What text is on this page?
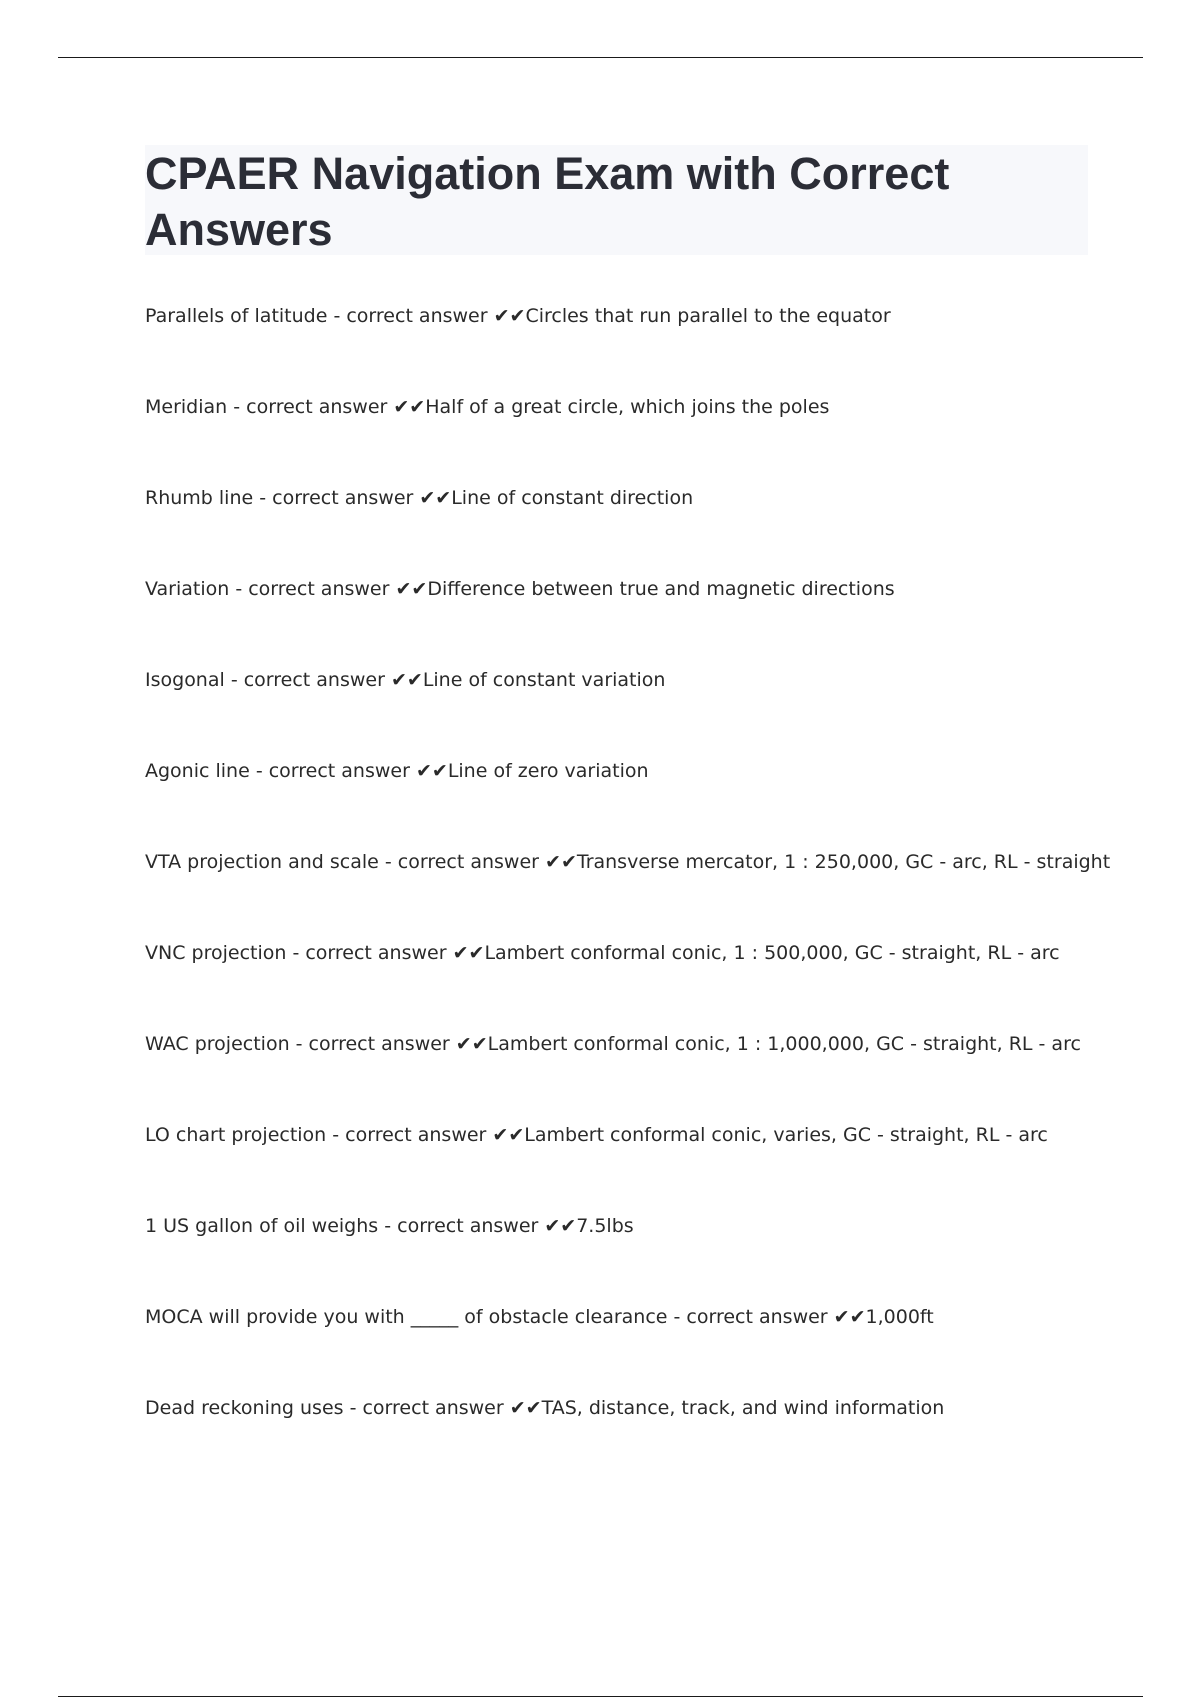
CPAER Navigation Exam with Correct Answers
Parallels of latitude - correct answer ✔✔Circles that run parallel to the equator
Meridian - correct answer ✔✔Half of a great circle, which joins the poles
Rhumb line - correct answer ✔✔Line of constant direction
Variation - correct answer ✔✔Difference between true and magnetic directions
Isogonal - correct answer ✔✔Line of constant variation
Agonic line - correct answer ✔✔Line of zero variation
VTA projection and scale - correct answer ✔✔Transverse mercator, 1 : 250,000, GC - arc, RL - straight
VNC projection - correct answer ✔✔Lambert conformal conic, 1 : 500,000, GC - straight, RL - arc
WAC projection - correct answer ✔✔Lambert conformal conic, 1 : 1,000,000, GC - straight, RL - arc
LO chart projection - correct answer ✔✔Lambert conformal conic, varies, GC - straight, RL - arc
1 US gallon of oil weighs - correct answer ✔✔7.5lbs
MOCA will provide you with _____ of obstacle clearance - correct answer ✔✔1,000ft
Dead reckoning uses - correct answer ✔✔TAS, distance, track, and wind information
